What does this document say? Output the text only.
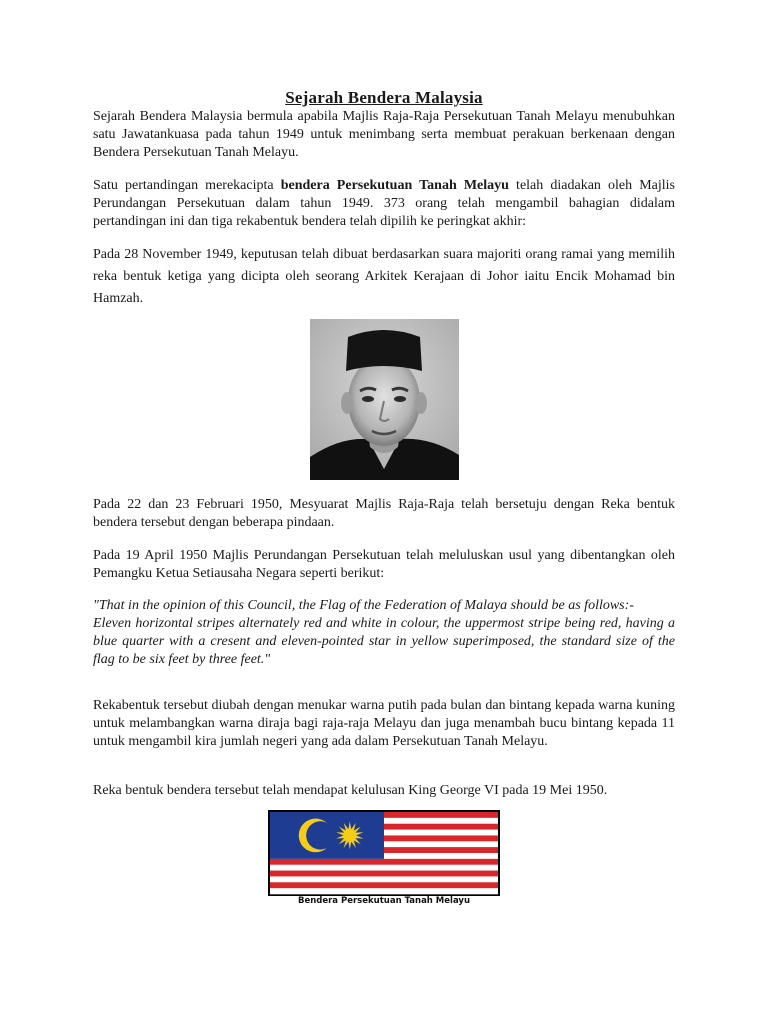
Sejarah Bendera Malaysia

Sejarah Bendera Malaysia bermula apabila Majlis Raja-Raja Persekutuan Tanah Melayu menubuhkan satu Jawatankuasa pada tahun 1949 untuk menimbang serta membuat perakuan berkenaan dengan Bendera Persekutuan Tanah Melayu.

Satu pertandingan merekacipta bendera Persekutuan Tanah Melayu telah diadakan oleh Majlis Perundangan Persekutuan dalam tahun 1949. 373 orang telah mengambil bahagian didalam pertandingan ini dan tiga rekabentuk bendera telah dipilih ke peringkat akhir:

Pada 28 November 1949, keputusan telah dibuat berdasarkan suara majoriti orang ramai yang memilih reka bentuk ketiga yang dicipta oleh seorang Arkitek Kerajaan di Johor iaitu Encik Mohamad bin Hamzah.

Pada 22 dan 23 Februari 1950, Mesyuarat Majlis Raja-Raja telah bersetuju dengan Reka bentuk bendera tersebut dengan beberapa pindaan.

Pada 19 April 1950 Majlis Perundangan Persekutuan telah meluluskan usul yang dibentangkan oleh Pemangku Ketua Setiausaha Negara seperti berikut:

"That in the opinion of this Council, the Flag of the Federation of Malaya should be as follows:-
Eleven horizontal stripes alternately red and white in colour, the uppermost stripe being red, having a blue quarter with a cresent and eleven-pointed star in yellow superimposed, the standard size of the flag to be six feet by three feet."

Rekabentuk tersebut diubah dengan menukar warna putih pada bulan dan bintang kepada warna kuning untuk melambangkan warna diraja bagi raja-raja Melayu dan juga menambah bucu bintang kepada 11 untuk mengambil kira jumlah negeri yang ada dalam Persekutuan Tanah Melayu.

Reka bentuk bendera tersebut telah mendapat kelulusan King George VI pada 19 Mei 1950.

Bendera Persekutuan Tanah Melayu
